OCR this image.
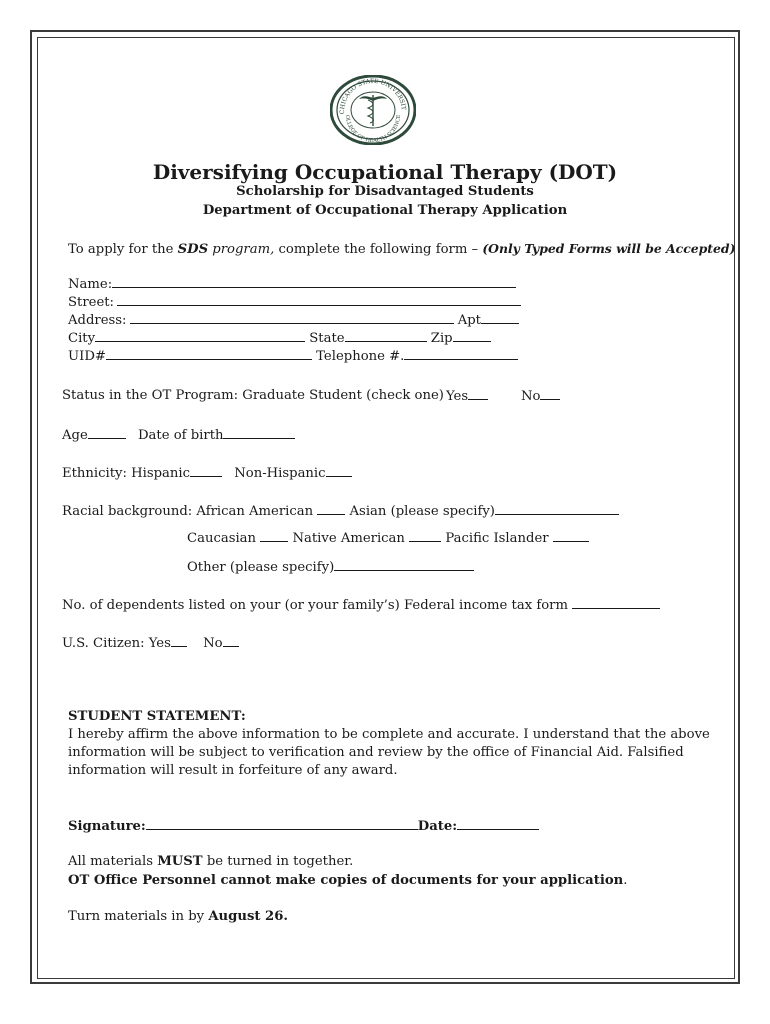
CHICAGO STATE UNIVERSIT
OLLEGE OF HEALTH SCIENCE
Diversifying Occupational Therapy (DOT)
Scholarship for Disadvantaged Students
Department of Occupational Therapy Application
To apply for the SDS program, complete the following form – (Only Typed Forms will be Accepted)
Name:
Street:
Address:	Apt
City	State	Zip
UID#	Telephone #.
Status in the OT Program: Graduate Student (check one) Yes	No
Age	Date of birth
Ethnicity: Hispanic	Non-Hispanic
Racial background: African American	Asian (please specify)
Caucasian	Native American	Pacific Islander
Other (please specify)
No. of dependents listed on your (or your family’s) Federal income tax form
U.S. Citizen: Yes No
STUDENT STATEMENT:
I hereby affirm the above information to be complete and accurate. I understand that the above
information will be subject to verification and review by the office of Financial Aid. Falsified
information will result in forfeiture of any award.
Signature:	Date:
All materials MUST be turned in together.
OT Office Personnel cannot make copies of documents for your application.
Turn materials in by August 26.
